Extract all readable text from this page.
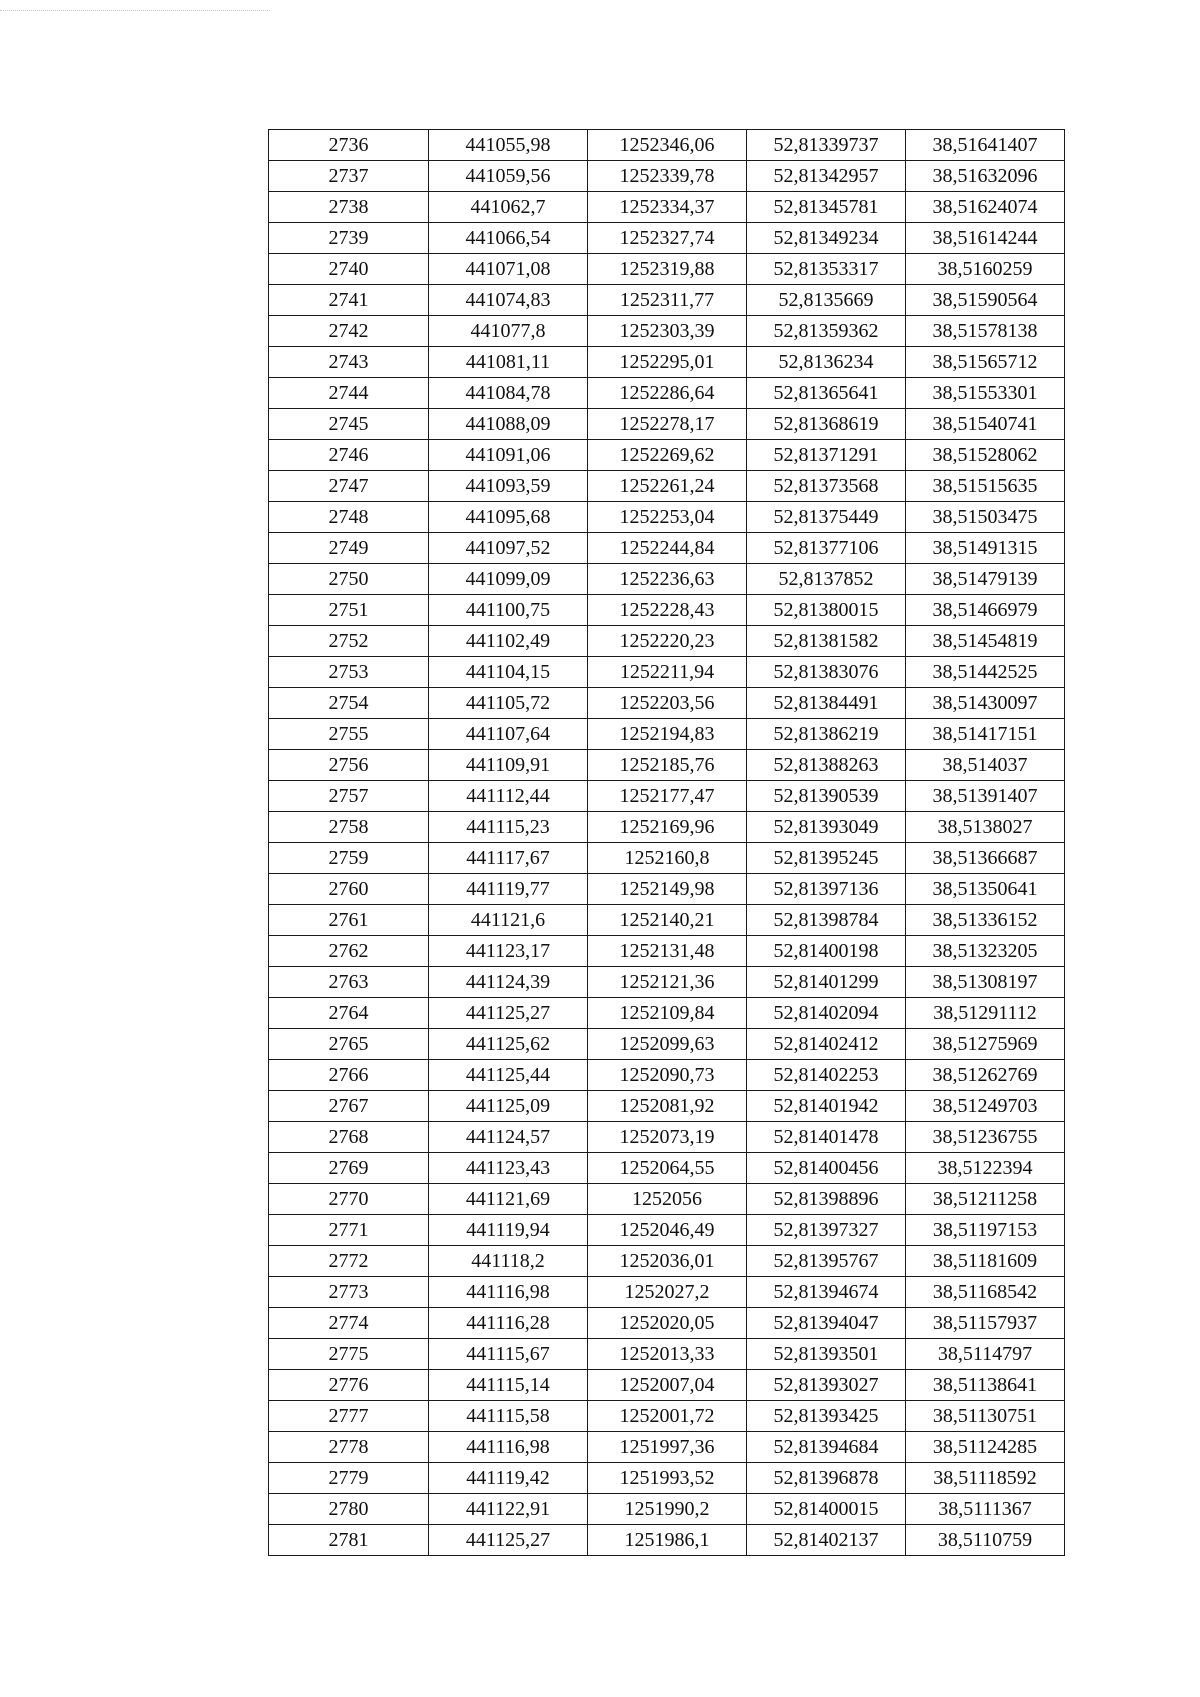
2736	441055,98	1252346,06	52,81339737	38,51641407
2737	441059,56	1252339,78	52,81342957	38,51632096
2738	441062,7	1252334,37	52,81345781	38,51624074
2739	441066,54	1252327,74	52,81349234	38,51614244
2740	441071,08	1252319,88	52,81353317	38,5160259
2741	441074,83	1252311,77	52,8135669	38,51590564
2742	441077,8	1252303,39	52,81359362	38,51578138
2743	441081,11	1252295,01	52,8136234	38,51565712
2744	441084,78	1252286,64	52,81365641	38,51553301
2745	441088,09	1252278,17	52,81368619	38,51540741
2746	441091,06	1252269,62	52,81371291	38,51528062
2747	441093,59	1252261,24	52,81373568	38,51515635
2748	441095,68	1252253,04	52,81375449	38,51503475
2749	441097,52	1252244,84	52,81377106	38,51491315
2750	441099,09	1252236,63	52,8137852	38,51479139
2751	441100,75	1252228,43	52,81380015	38,51466979
2752	441102,49	1252220,23	52,81381582	38,51454819
2753	441104,15	1252211,94	52,81383076	38,51442525
2754	441105,72	1252203,56	52,81384491	38,51430097
2755	441107,64	1252194,83	52,81386219	38,51417151
2756	441109,91	1252185,76	52,81388263	38,514037
2757	441112,44	1252177,47	52,81390539	38,51391407
2758	441115,23	1252169,96	52,81393049	38,5138027
2759	441117,67	1252160,8	52,81395245	38,51366687
2760	441119,77	1252149,98	52,81397136	38,51350641
2761	441121,6	1252140,21	52,81398784	38,51336152
2762	441123,17	1252131,48	52,81400198	38,51323205
2763	441124,39	1252121,36	52,81401299	38,51308197
2764	441125,27	1252109,84	52,81402094	38,51291112
2765	441125,62	1252099,63	52,81402412	38,51275969
2766	441125,44	1252090,73	52,81402253	38,51262769
2767	441125,09	1252081,92	52,81401942	38,51249703
2768	441124,57	1252073,19	52,81401478	38,51236755
2769	441123,43	1252064,55	52,81400456	38,5122394
2770	441121,69	1252056	52,81398896	38,51211258
2771	441119,94	1252046,49	52,81397327	38,51197153
2772	441118,2	1252036,01	52,81395767	38,51181609
2773	441116,98	1252027,2	52,81394674	38,51168542
2774	441116,28	1252020,05	52,81394047	38,51157937
2775	441115,67	1252013,33	52,81393501	38,5114797
2776	441115,14	1252007,04	52,81393027	38,51138641
2777	441115,58	1252001,72	52,81393425	38,51130751
2778	441116,98	1251997,36	52,81394684	38,51124285
2779	441119,42	1251993,52	52,81396878	38,51118592
2780	441122,91	1251990,2	52,81400015	38,5111367
2781	441125,27	1251986,1	52,81402137	38,5110759
